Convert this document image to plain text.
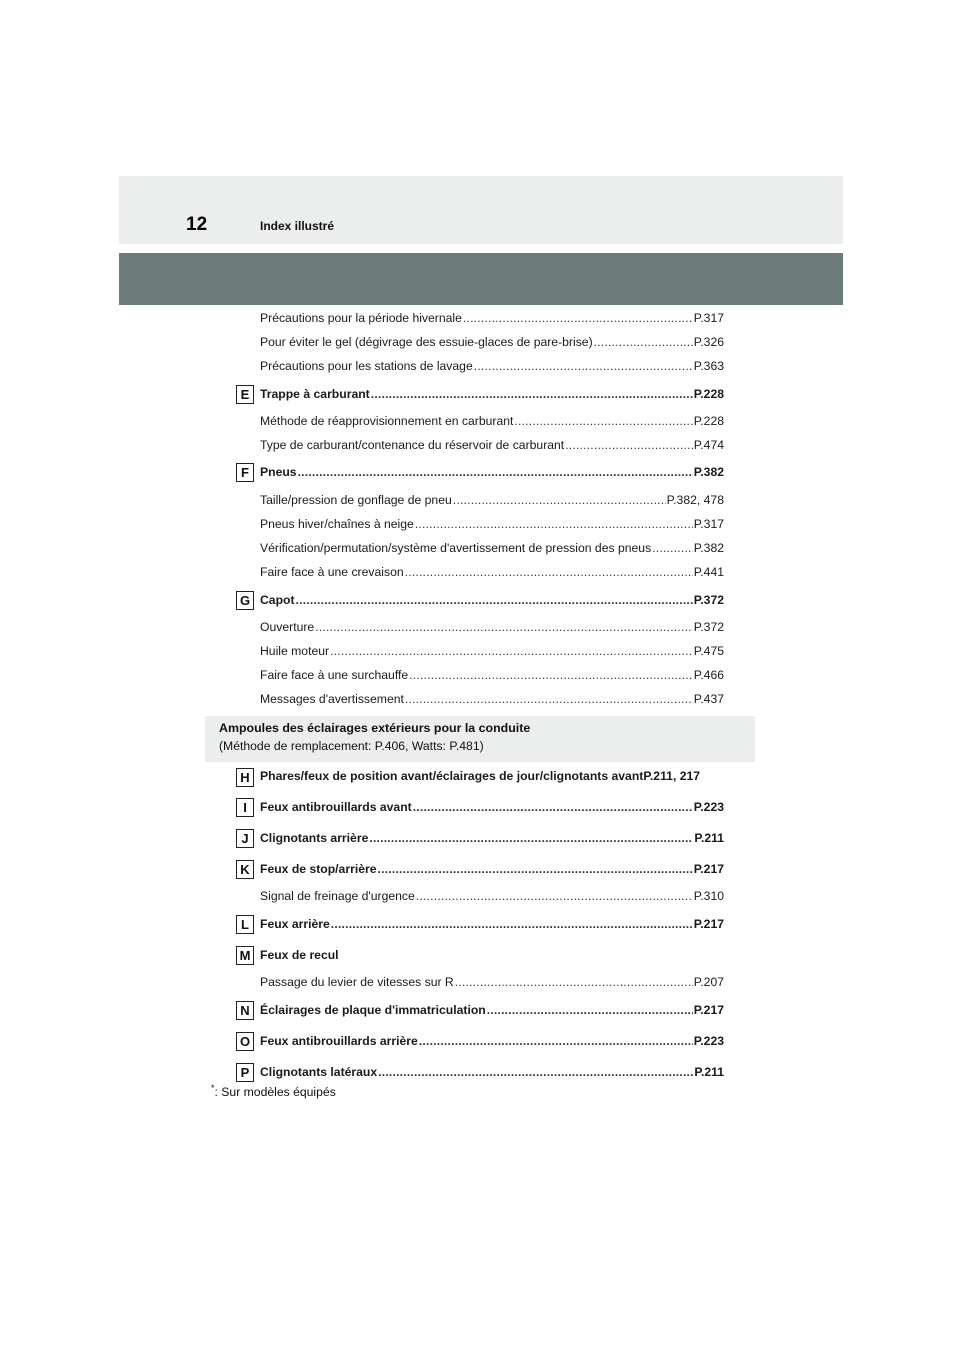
12	Index illustré
Précautions pour la période hivernale .....	P.317
Pour éviter le gel (dégivrage des essuie-glaces de pare-brise) .....	P.326
Précautions pour les stations de lavage .....	P.363
E Trappe à carburant .....	P.228
Méthode de réapprovisionnement en carburant .....	P.228
Type de carburant/contenance du réservoir de carburant .....	P.474
F Pneus .....	P.382
Taille/pression de gonflage de pneu .....	P.382, 478
Pneus hiver/chaînes à neige .....	P.317
Vérification/permutation/système d'avertissement de pression des pneus .....	P.382
Faire face à une crevaison .....	P.441
G Capot .....	P.372
Ouverture .....	P.372
Huile moteur .....	P.475
Faire face à une surchauffe .....	P.466
Messages d'avertissement .....	P.437
Ampoules des éclairages extérieurs pour la conduite
(Méthode de remplacement: P.406, Watts: P.481)
H Phares/feux de position avant/éclairages de jour/clignotants avant P.211, 217
I	Feux antibrouillards avant .....	P.223
J Clignotants arrière .....	P.211
K Feux de stop/arrière .....	P.217
Signal de freinage d'urgence .....	P.310
L Feux arrière .....	P.217
M Feux de recul
Passage du levier de vitesses sur R .....	P.207
N Éclairages de plaque d'immatriculation .....	P.217
O Feux antibrouillards arrière .....	P.223
P Clignotants latéraux .....	P.211
*: Sur modèles équipés
